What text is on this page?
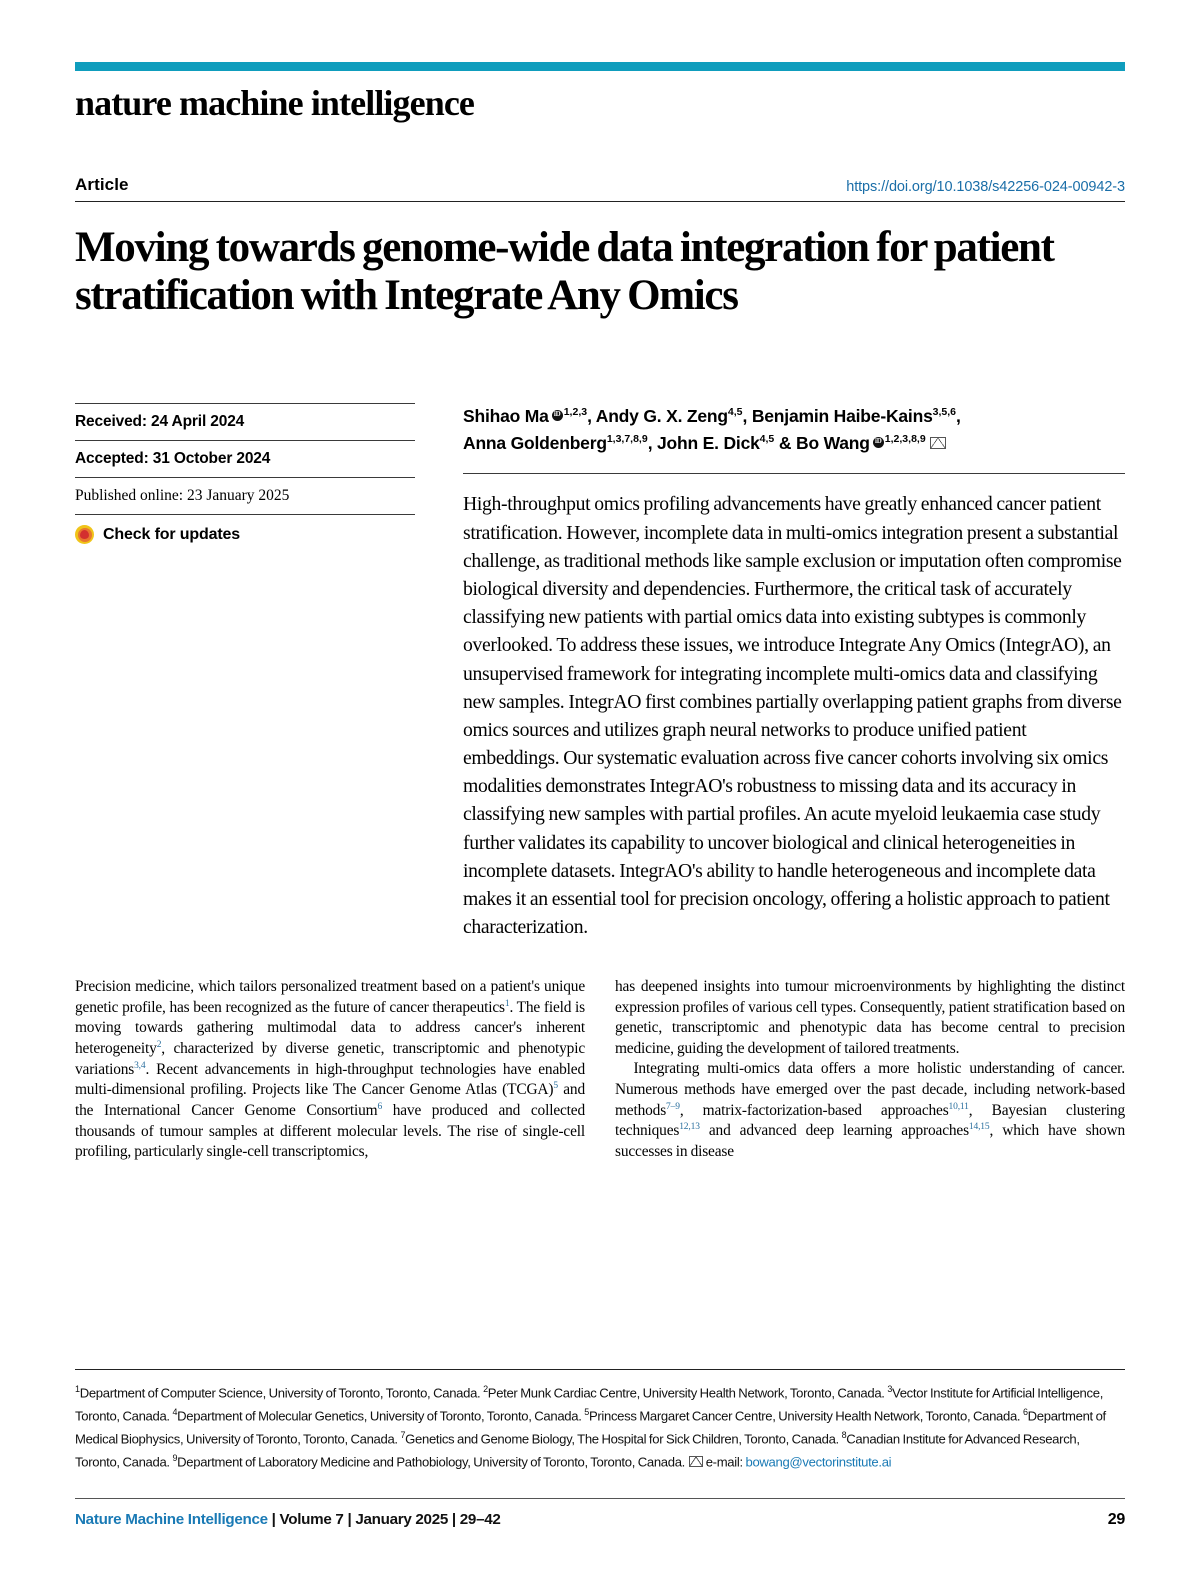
nature machine intelligence
Article	https://doi.org/10.1038/s42256-024-00942-3
Moving towards genome-wide data integration for patient stratification with Integrate Any Omics
Received: 24 April 2024
Accepted: 31 October 2024
Published online: 23 January 2025
Check for updates
Shihao Ma iD $^{1,2,3}$, Andy G. X. Zeng$^{4,5}$, Benjamin Haibe-Kains$^{3,5,6}$,
Anna Goldenberg$^{1,3,7,8,9}$, John E. Dick$^{4,5}$ & Bo Wang iD $^{1,2,3,8,9}$
High-throughput omics profiling advancements have greatly enhanced cancer patient stratification. However, incomplete data in multi-omics integration present a substantial challenge, as traditional methods like sample exclusion or imputation often compromise biological diversity and dependencies. Furthermore, the critical task of accurately classifying new patients with partial omics data into existing subtypes is commonly overlooked. To address these issues, we introduce Integrate Any Omics (IntegrAO), an unsupervised framework for integrating incomplete multi-omics data and classifying new samples. IntegrAO first combines partially overlapping patient graphs from diverse omics sources and utilizes graph neural networks to produce unified patient embeddings. Our systematic evaluation across five cancer cohorts involving six omics modalities demonstrates IntegrAO's robustness to missing data and its accuracy in classifying new samples with partial profiles. An acute myeloid leukaemia case study further validates its capability to uncover biological and clinical heterogeneities in incomplete datasets. IntegrAO's ability to handle heterogeneous and incomplete data makes it an essential tool for precision oncology, offering a holistic approach to patient characterization.

Precision medicine, which tailors personalized treatment based on a patient's unique genetic profile, has been recognized as the future of cancer therapeutics$^1$. The field is moving towards gathering multimodal data to address cancer's inherent heterogeneity$^2$, characterized by diverse genetic, transcriptomic and phenotypic variations$^{3,4}$. Recent advancements in high-throughput technologies have enabled multi-dimensional profiling. Projects like The Cancer Genome Atlas (TCGA)$^5$ and the International Cancer Genome Consortium$^6$ have produced and collected thousands of tumour samples at different molecular levels. The rise of single-cell profiling, particularly single-cell transcriptomics,

has deepened insights into tumour microenvironments by highlighting the distinct expression profiles of various cell types. Consequently, patient stratification based on genetic, transcriptomic and phenotypic data has become central to precision medicine, guiding the development of tailored treatments.

Integrating multi-omics data offers a more holistic understanding of cancer. Numerous methods have emerged over the past decade, including network-based methods$^{7-9}$, matrix-factorization-based approaches$^{10,11}$, Bayesian clustering techniques$^{12,13}$ and advanced deep learning approaches$^{14,15}$, which have shown successes in disease

$^1$Department of Computer Science, University of Toronto, Toronto, Canada. $^2$Peter Munk Cardiac Centre, University Health Network, Toronto, Canada. $^3$Vector Institute for Artificial Intelligence, Toronto, Canada. $^4$Department of Molecular Genetics, University of Toronto, Toronto, Canada. $^5$Princess Margaret Cancer Centre, University Health Network, Toronto, Canada. $^6$Department of Medical Biophysics, University of Toronto, Toronto, Canada. $^7$Genetics and Genome Biology, The Hospital for Sick Children, Toronto, Canada. $^8$Canadian Institute for Advanced Research, Toronto, Canada. $^9$Department of Laboratory Medicine and Pathobiology, University of Toronto, Toronto, Canada. e-mail: bowang@vectorinstitute.ai
Nature Machine Intelligence | Volume 7 | January 2025 | 29–42	29
